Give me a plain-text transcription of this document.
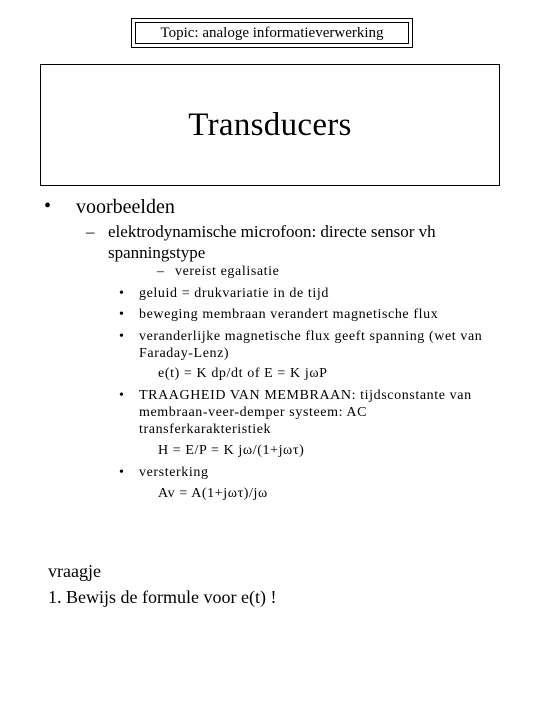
Topic: analoge informatieverwerking
Transducers
• voorbeelden
– elektrodynamische microfoon: directe sensor vh
spanningstype
– vereist egalisatie
• geluid = drukvariatie in de tijd
• beweging membraan verandert magnetische flux
• veranderlijke magnetische flux geeft spanning (wet van
Faraday-Lenz)
e(t) = K dp/dt of E = K jωP
• TRAAGHEID VAN MEMBRAAN: tijdsconstante van
membraan-veer-demper systeem: AC
transferkarakteristiek
H = E/P = K jω/(1+jωτ)
• versterking
Av = A(1+jωτ)/jω
vraagje
1. Bewijs de formule voor e(t) !
